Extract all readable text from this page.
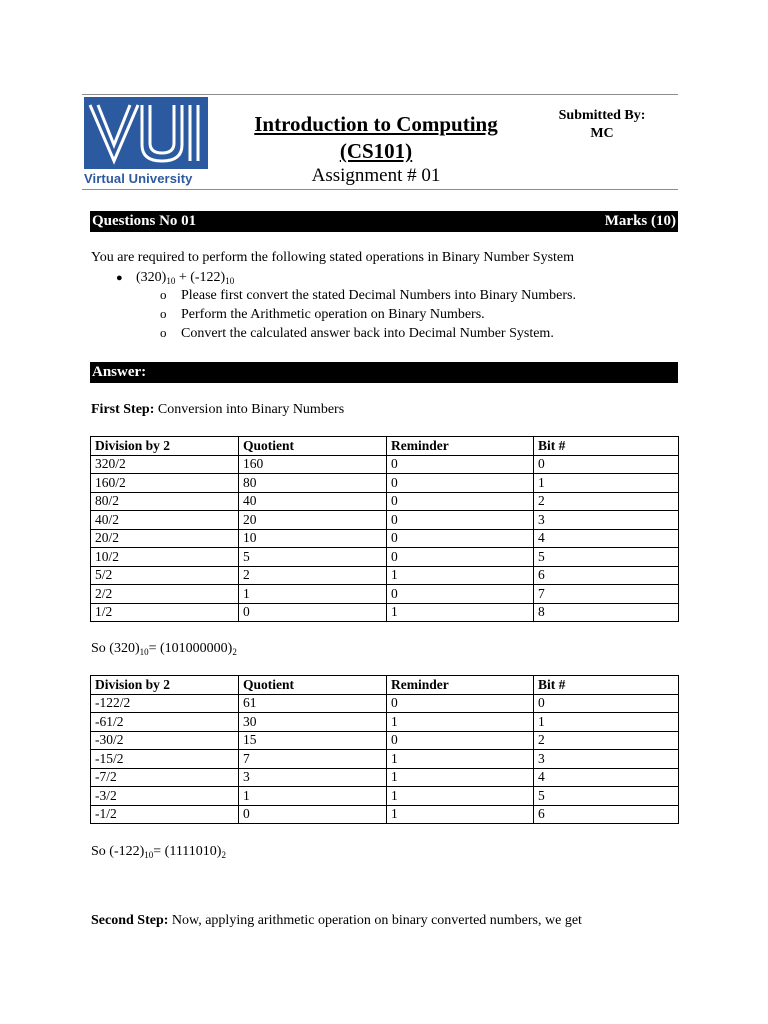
Virtual University
Introduction to Computing
(CS101)
Assignment # 01
Submitted By:
MC
Questions No 01	Marks (10)
You are required to perform the following stated operations in Binary Number System
● $(320)_{10} + (-122)_{10}$
o Please first convert the stated Decimal Numbers into Binary Numbers.
o Perform the Arithmetic operation on Binary Numbers.
o Convert the calculated answer back into Decimal Number System.
Answer:
First Step: Conversion into Binary Numbers
Division by 2	Quotient	Reminder	Bit #
320/2	160	0	0
160/2	80	0	1
80/2	40	0	2
40/2	20	0	3
20/2	10	0	4
10/2	5	0	5
5/2	2	1	6
2/2	1	0	7
1/2	0	1	8
So $(320)_{10}= (101000000)_2$
Division by 2	Quotient	Reminder	Bit #
-122/2	61	0	0
-61/2	30	1	1
-30/2	15	0	2
-15/2	7	1	3
-7/2	3	1	4
-3/2	1	1	5
-1/2	0	1	6
So $(-122)_{10}= (1111010)_2$
Second Step: Now, applying arithmetic operation on binary converted numbers, we get
